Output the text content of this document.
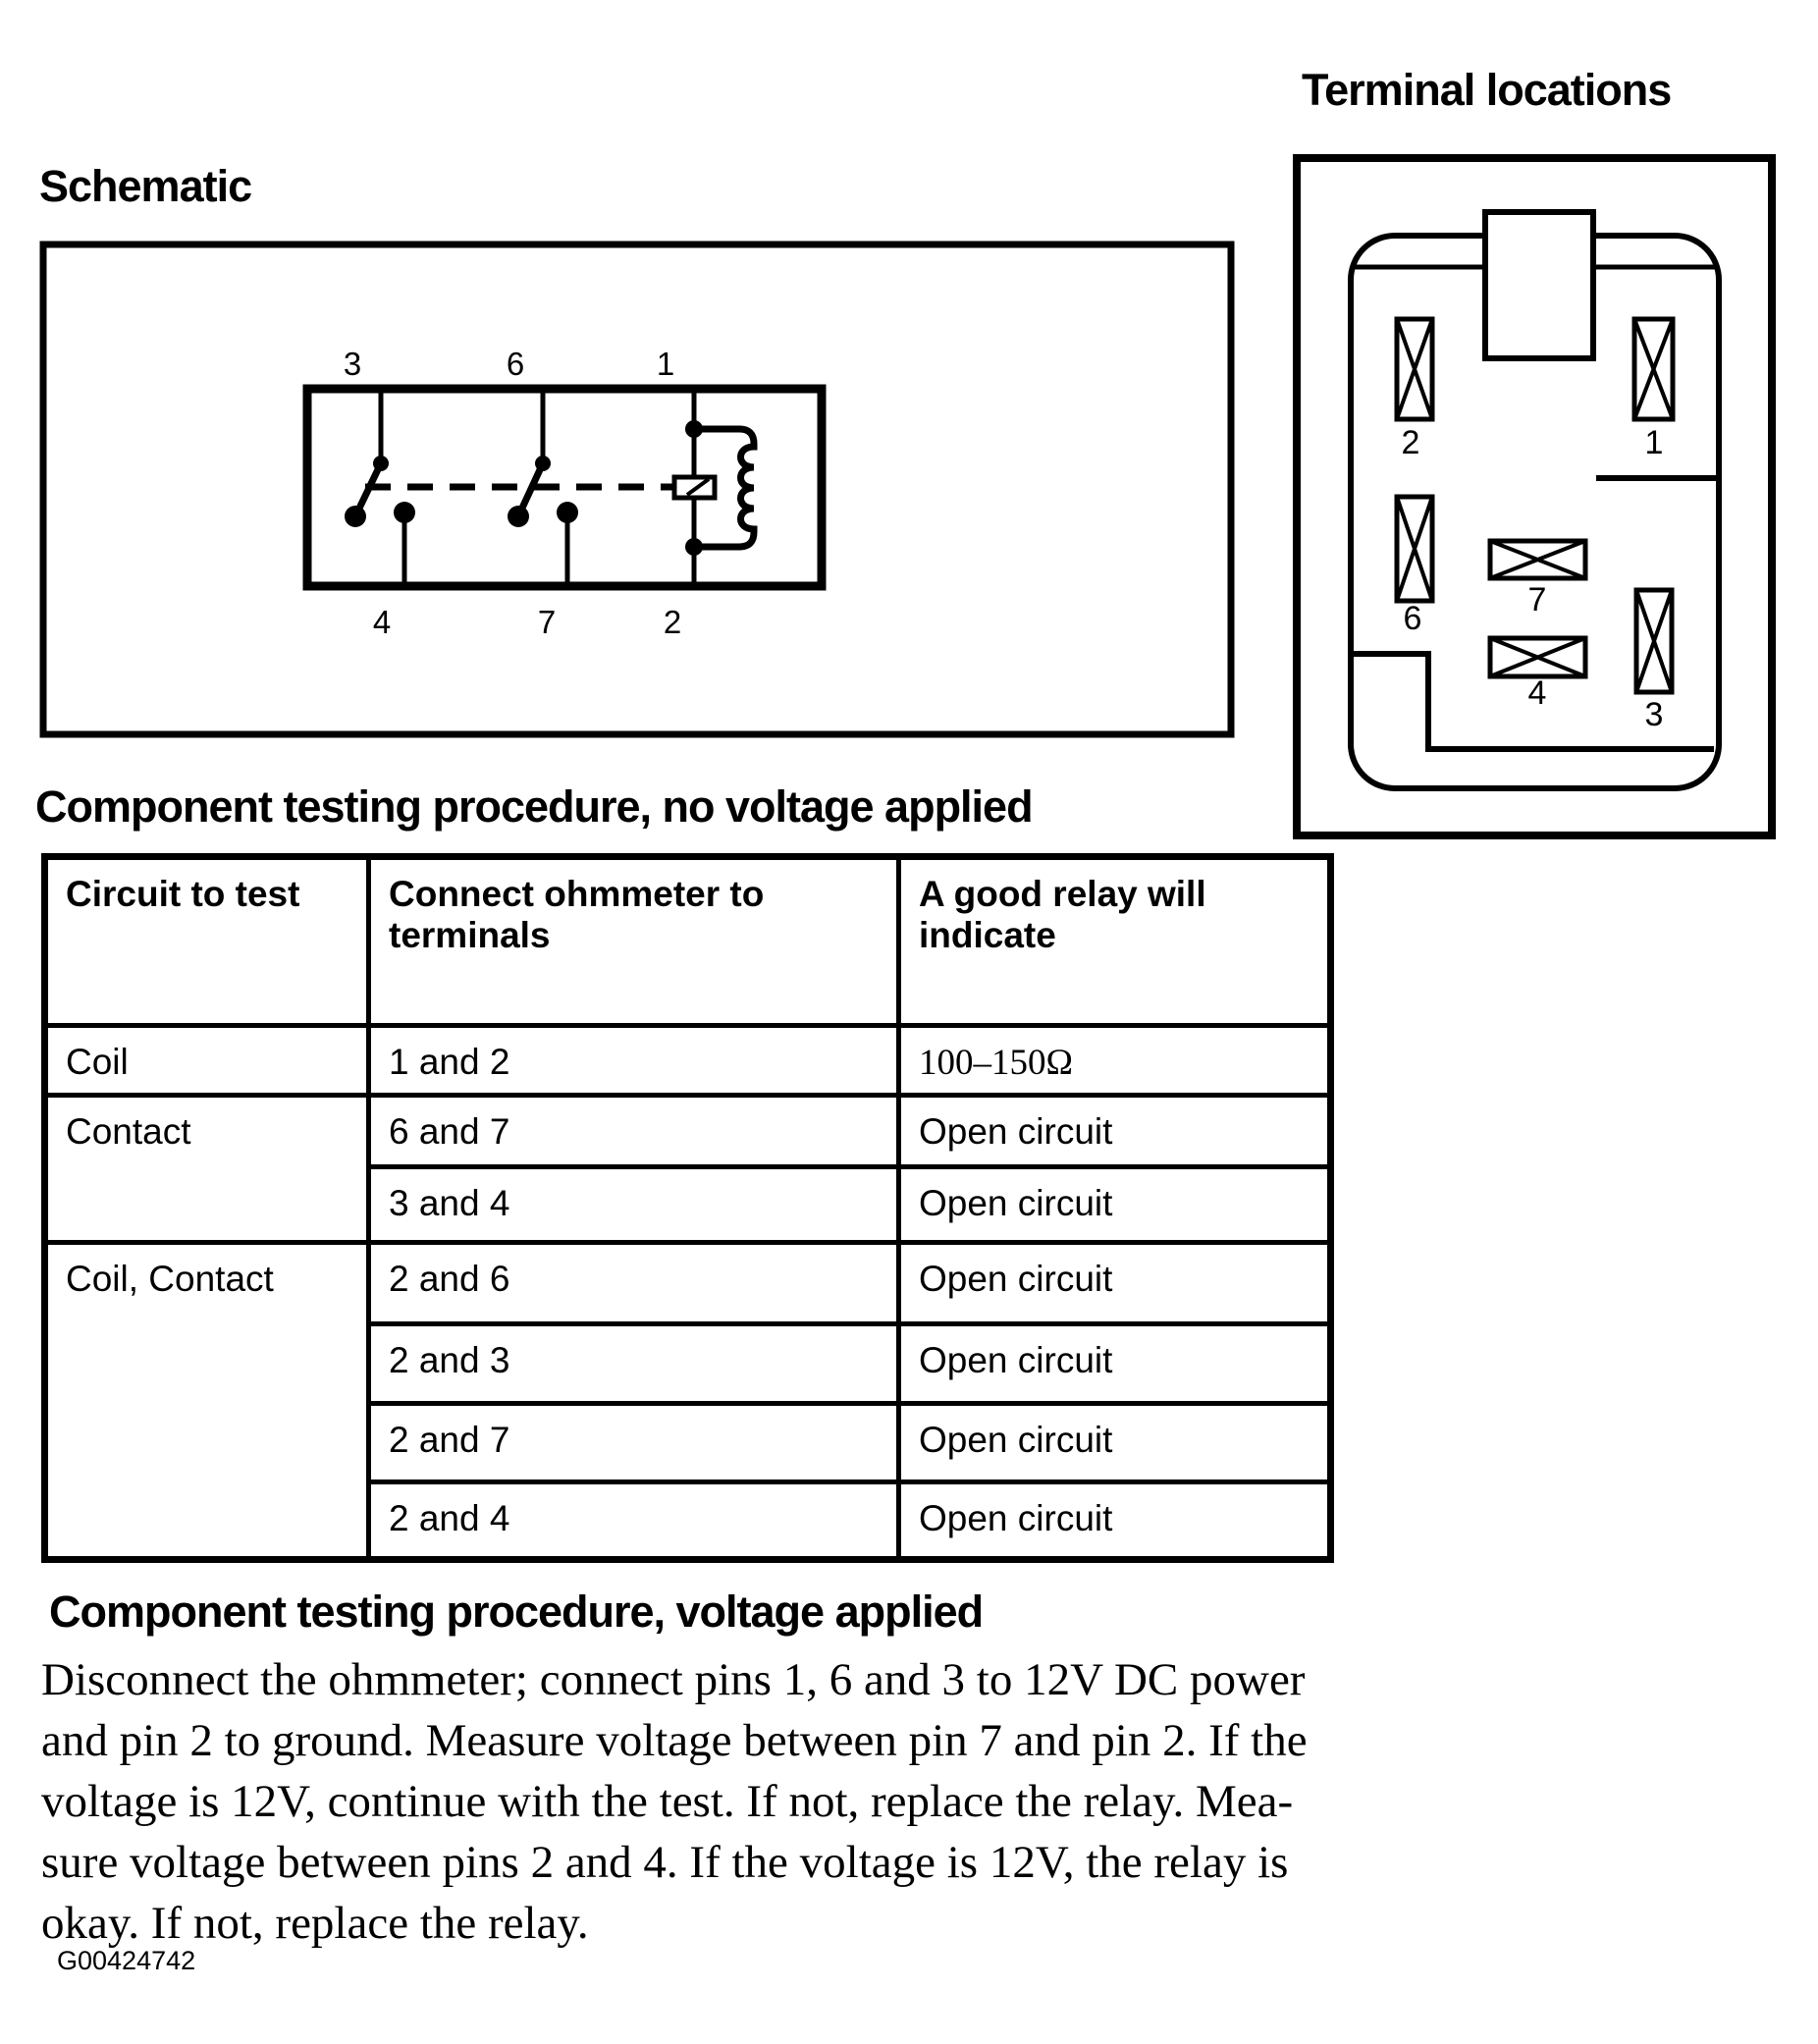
Schematic
Terminal locations
3	6	1
4	7	2
2	1
6	7
4
3
Component testing procedure, no voltage applied
Circuit to test	Connect ohmmeter to terminals	A good relay will indicate
Coil	1 and 2	100–150Ω
Contact	6 and 7	Open circuit
	3 and 4	Open circuit
Coil, Contact	2 and 6	Open circuit
	2 and 3	Open circuit
	2 and 7	Open circuit
	2 and 4	Open circuit
Component testing procedure, voltage applied
Disconnect the ohmmeter; connect pins 1, 6 and 3 to 12V DC power
and pin 2 to ground. Measure voltage between pin 7 and pin 2. If the
voltage is 12V, continue with the test. If not, replace the relay. Mea-
sure voltage between pins 2 and 4. If the voltage is 12V, the relay is
okay. If not, replace the relay.
G00424742
